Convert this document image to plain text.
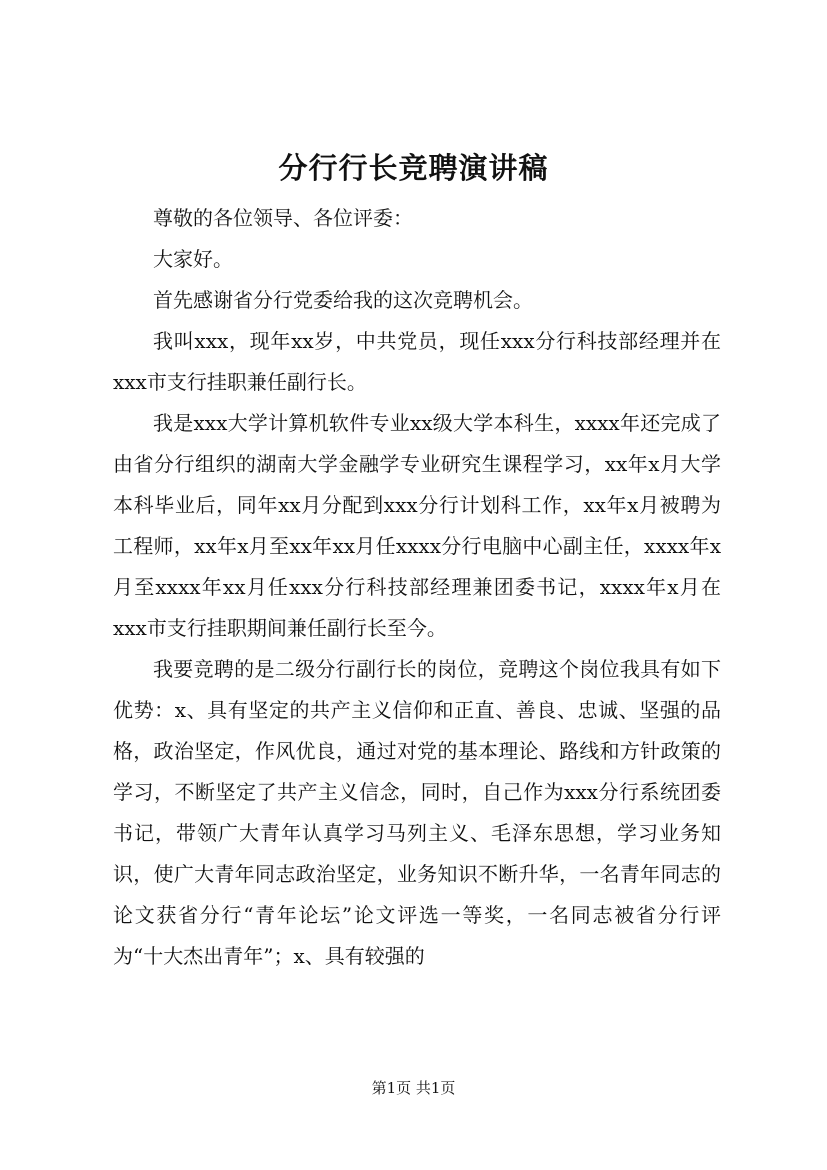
分行行长竞聘演讲稿

尊敬的各位领导、各位评委：

大家好。

首先感谢省分行党委给我的这次竞聘机会。

我叫xxx，现年xx岁，中共党员，现任xxx分行科技部经理并在xxx市支行挂职兼任副行长。

我是xxx大学计算机软件专业xx级大学本科生，xxxx年还完成了由省分行组织的湖南大学金融学专业研究生课程学习，xx年x月大学本科毕业后，同年xx月分配到xxx分行计划科工作，xx年x月被聘为工程师，xx年x月至xx年xx月任xxxx分行电脑中心副主任，xxxx年x月至xxxx年xx月任xxx分行科技部经理兼团委书记，xxxx年x月在xxx市支行挂职期间兼任副行长至今。

我要竞聘的是二级分行副行长的岗位，竞聘这个岗位我具有如下优势：x、具有坚定的共产主义信仰和正直、善良、忠诚、坚强的品格，政治坚定，作风优良，通过对党的基本理论、路线和方针政策的学习，不断坚定了共产主义信念，同时，自己作为xxx分行系统团委书记，带领广大青年认真学习马列主义、毛泽东思想，学习业务知识，使广大青年同志政治坚定，业务知识不断升华，一名青年同志的论文获省分行“青年论坛”论文评选一等奖，一名同志被省分行评为“十大杰出青年”；x、具有较强的

第1页 共1页
